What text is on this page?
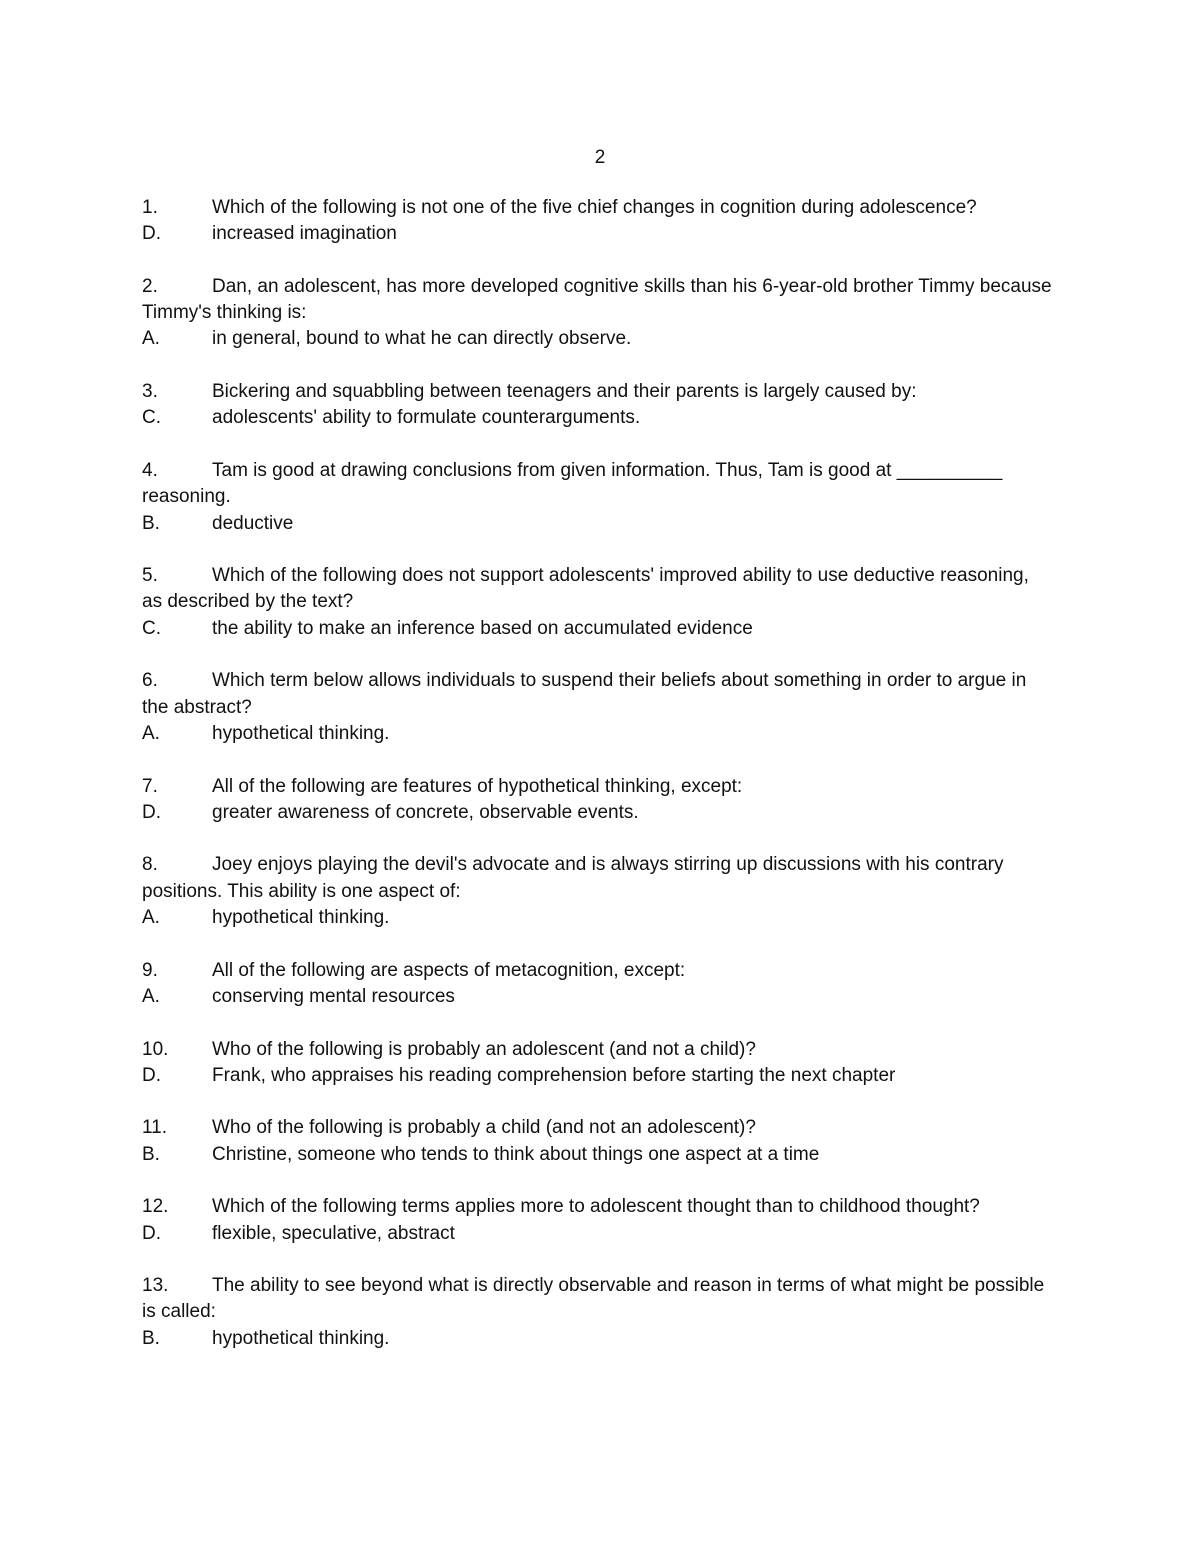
2

1.	Which of the following is not one of the five chief changes in cognition during adolescence?

D.	increased imagination

2.	Dan, an adolescent, has more developed cognitive skills than his 6-year-old brother Timmy because Timmy's thinking is:

A.	in general, bound to what he can directly observe.

3.	Bickering and squabbling between teenagers and their parents is largely caused by:

C.	adolescents' ability to formulate counterarguments.

4.	Tam is good at drawing conclusions from given information. Thus, Tam is good at __________ reasoning.

B.	deductive

5.	Which of the following does not support adolescents' improved ability to use deductive reasoning, as described by the text?

C.	the ability to make an inference based on accumulated evidence

6.	Which term below allows individuals to suspend their beliefs about something in order to argue in the abstract?

A.	hypothetical thinking.

7.	All of the following are features of hypothetical thinking, except:

D.	greater awareness of concrete, observable events.

8.	Joey enjoys playing the devil's advocate and is always stirring up discussions with his contrary positions. This ability is one aspect of:

A.	hypothetical thinking.

9.	All of the following are aspects of metacognition, except:

A.	conserving mental resources

10. Who of the following is probably an adolescent (and not a child)?

D.	Frank, who appraises his reading comprehension before starting the next chapter

11. Who of the following is probably a child (and not an adolescent)?

B.	Christine, someone who tends to think about things one aspect at a time

12. Which of the following terms applies more to adolescent thought than to childhood thought?

D.	flexible, speculative, abstract

13. The ability to see beyond what is directly observable and reason in terms of what might be possible is called:

B.	hypothetical thinking.
